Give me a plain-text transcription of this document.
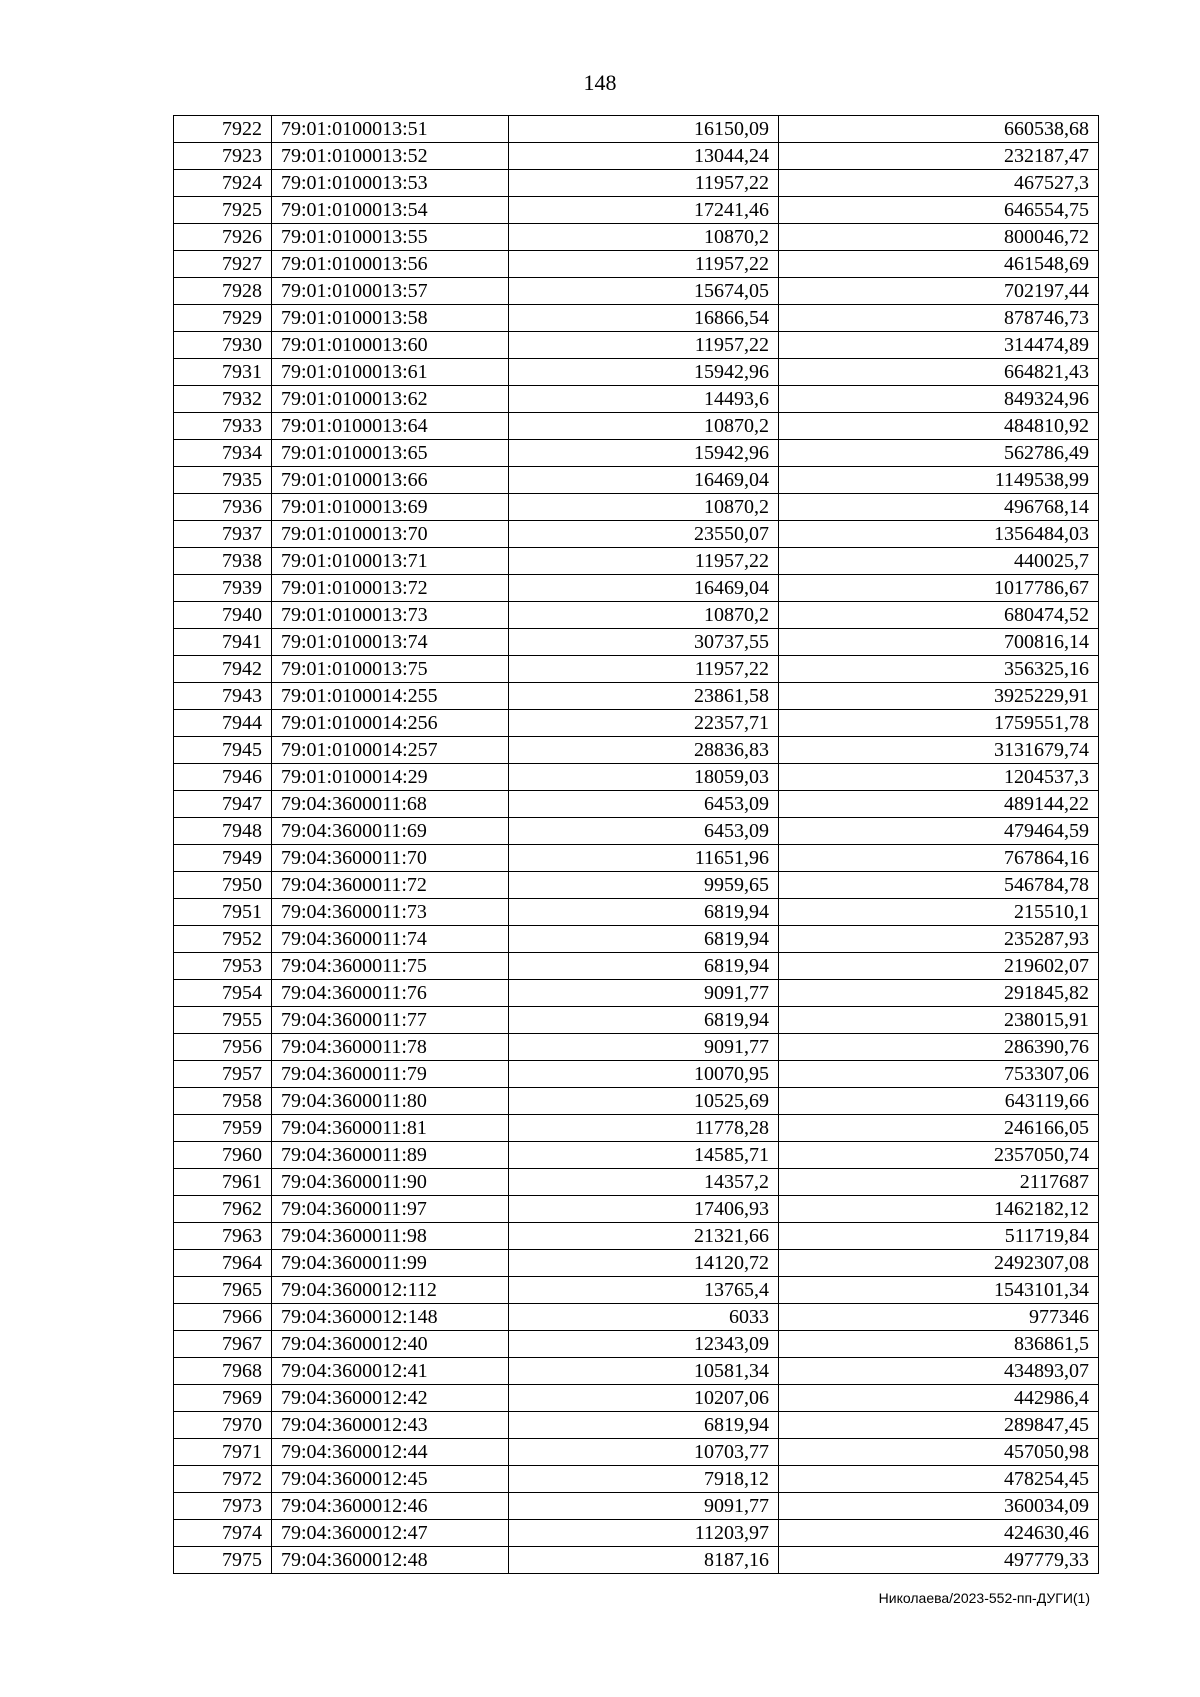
148
7922	79:01:0100013:51	16150,09	660538,68
7923	79:01:0100013:52	13044,24	232187,47
7924	79:01:0100013:53	11957,22	467527,3
7925	79:01:0100013:54	17241,46	646554,75
7926	79:01:0100013:55	10870,2	800046,72
7927	79:01:0100013:56	11957,22	461548,69
7928	79:01:0100013:57	15674,05	702197,44
7929	79:01:0100013:58	16866,54	878746,73
7930	79:01:0100013:60	11957,22	314474,89
7931	79:01:0100013:61	15942,96	664821,43
7932	79:01:0100013:62	14493,6	849324,96
7933	79:01:0100013:64	10870,2	484810,92
7934	79:01:0100013:65	15942,96	562786,49
7935	79:01:0100013:66	16469,04	1149538,99
7936	79:01:0100013:69	10870,2	496768,14
7937	79:01:0100013:70	23550,07	1356484,03
7938	79:01:0100013:71	11957,22	440025,7
7939	79:01:0100013:72	16469,04	1017786,67
7940	79:01:0100013:73	10870,2	680474,52
7941	79:01:0100013:74	30737,55	700816,14
7942	79:01:0100013:75	11957,22	356325,16
7943	79:01:0100014:255	23861,58	3925229,91
7944	79:01:0100014:256	22357,71	1759551,78
7945	79:01:0100014:257	28836,83	3131679,74
7946	79:01:0100014:29	18059,03	1204537,3
7947	79:04:3600011:68	6453,09	489144,22
7948	79:04:3600011:69	6453,09	479464,59
7949	79:04:3600011:70	11651,96	767864,16
7950	79:04:3600011:72	9959,65	546784,78
7951	79:04:3600011:73	6819,94	215510,1
7952	79:04:3600011:74	6819,94	235287,93
7953	79:04:3600011:75	6819,94	219602,07
7954	79:04:3600011:76	9091,77	291845,82
7955	79:04:3600011:77	6819,94	238015,91
7956	79:04:3600011:78	9091,77	286390,76
7957	79:04:3600011:79	10070,95	753307,06
7958	79:04:3600011:80	10525,69	643119,66
7959	79:04:3600011:81	11778,28	246166,05
7960	79:04:3600011:89	14585,71	2357050,74
7961	79:04:3600011:90	14357,2	2117687
7962	79:04:3600011:97	17406,93	1462182,12
7963	79:04:3600011:98	21321,66	511719,84
7964	79:04:3600011:99	14120,72	2492307,08
7965	79:04:3600012:112	13765,4	1543101,34
7966	79:04:3600012:148	6033	977346
7967	79:04:3600012:40	12343,09	836861,5
7968	79:04:3600012:41	10581,34	434893,07
7969	79:04:3600012:42	10207,06	442986,4
7970	79:04:3600012:43	6819,94	289847,45
7971	79:04:3600012:44	10703,77	457050,98
7972	79:04:3600012:45	7918,12	478254,45
7973	79:04:3600012:46	9091,77	360034,09
7974	79:04:3600012:47	11203,97	424630,46
7975	79:04:3600012:48	8187,16	497779,33
Николаева/2023-552-пп-ДУГИ(1)
